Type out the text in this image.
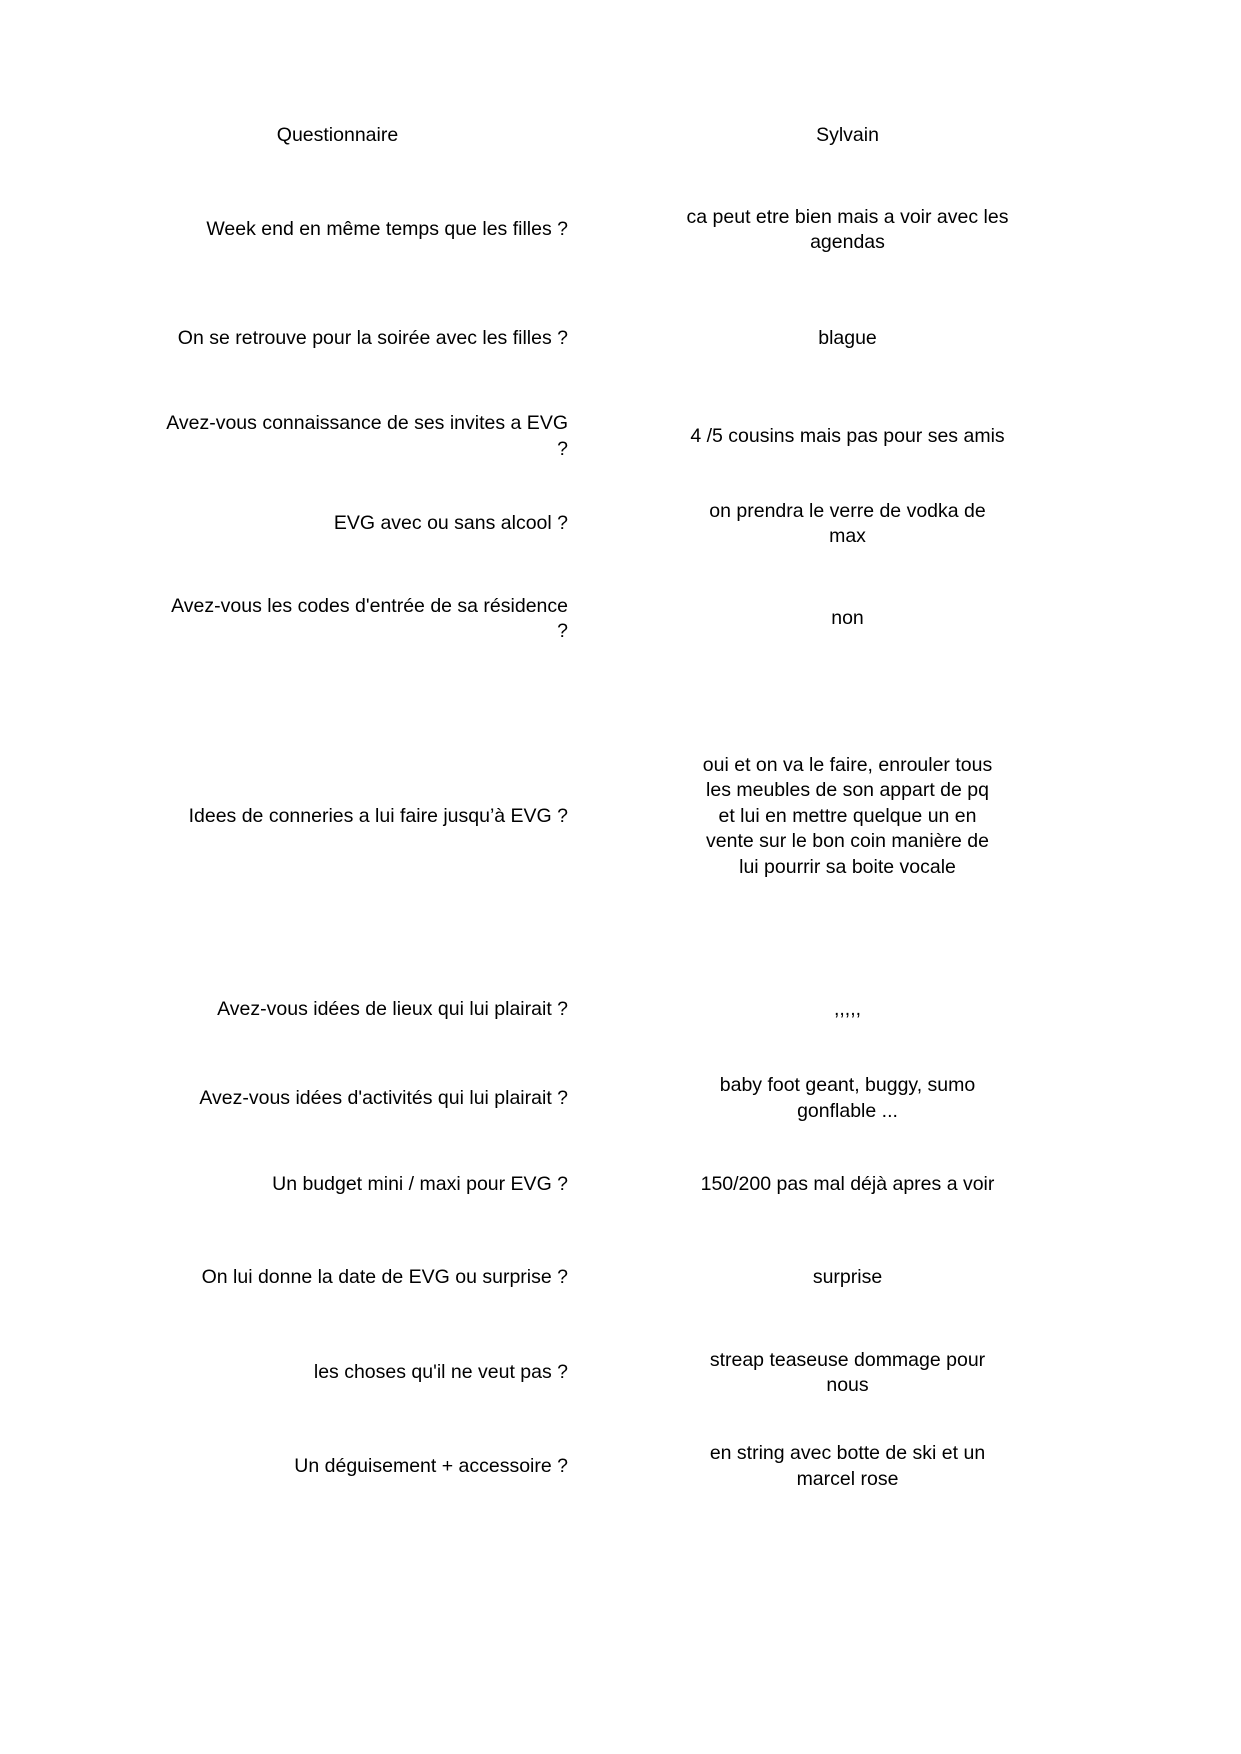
Questionnaire	Sylvain
Week end en même temps que les filles ?	ca peut etre bien mais a voir avec les agendas

On se retrouve pour la soirée avec les filles ?	blague

Avez-vous connaissance de ses invites a EVG ?	4 /5 cousins mais pas pour ses amis

EVG avec ou sans alcool ?	on prendra le verre de vodka de max

Avez-vous les codes d'entrée de sa résidence ?	non

Idees de conneries a lui faire jusqu’à EVG ?	oui et on va le faire, enrouler tous les meubles de son appart de pq et lui en mettre quelque un en vente sur le bon coin manière de lui pourrir sa boite vocale

Avez-vous idées de lieux qui lui plairait ?	,,,,,

Avez-vous idées d'activités qui lui plairait ?	baby foot geant, buggy, sumo gonflable ...

Un budget mini / maxi pour EVG ?	150/200 pas mal déjà apres a voir

On lui donne la date de EVG ou surprise ?	surprise

les choses qu'il ne veut pas ?	streap teaseuse dommage pour nous

Un déguisement + accessoire ?	en string avec botte de ski et un marcel rose
